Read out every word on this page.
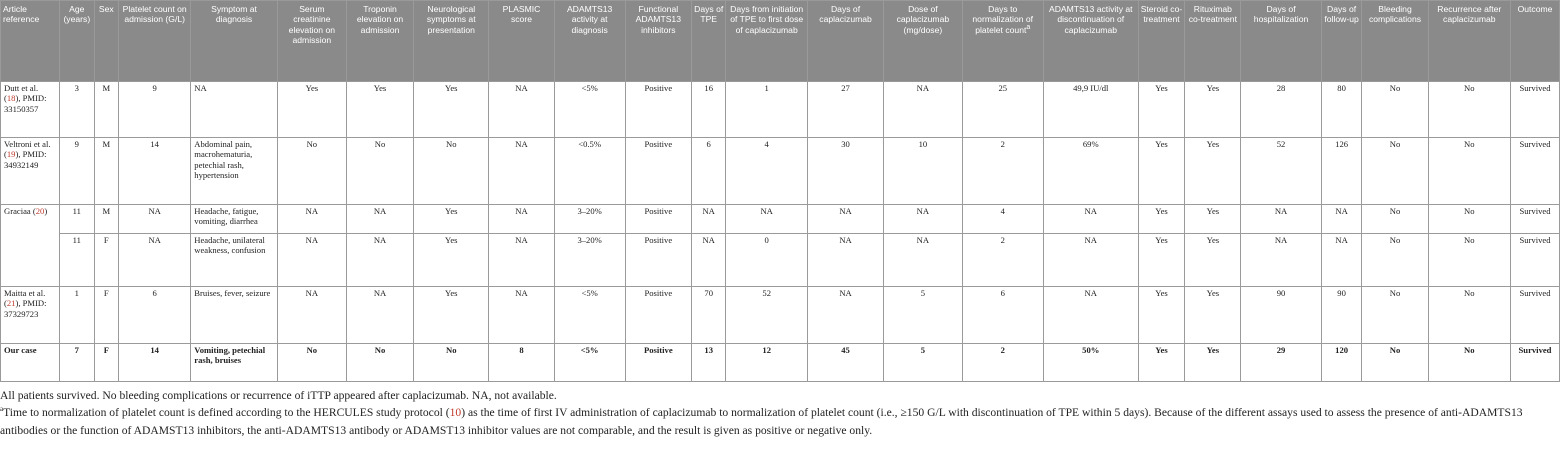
Article reference	Age (years)	Sex	Platelet count on admission (G/L)	Symptom at diagnosis	Serum creatinine elevation on admission	Troponin elevation on admission	Neurological symptoms at presentation	PLASMIC score	ADAMTS13 activity at diagnosis	Functional ADAMTS13 inhibitors	Days of TPE	Days from initiation of TPE to first dose of caplacizumab	Days of caplacizumab	Dose of caplacizumab (mg/dose)	Days to normalization of platelet count$^a$	ADAMTS13 activity at discontinuation of caplacizumab	Steroid co-treatment	Rituximab co-treatment	Days of hospitalization	Days of follow-up	Bleeding complications	Recurrence after caplacizumab	Outcome
Dutt et al. (18), PMID: 33150357	3	M	9	NA	Yes	Yes	Yes	NA	<5%	Positive	16	1	27	NA	25	49,9 IU/dl	Yes	Yes	28	80	No	No	Survived
Veltroni et al. (19), PMID: 34932149	9	M	14	Abdominal pain, macrohematuria, petechial rash, hypertension	No	No	No	NA	<0.5%	Positive	6	4	30	10	2	69%	Yes	Yes	52	126	No	No	Survived
Graciaa (20)	11	M	NA	Headache, fatigue, vomiting, diarrhea	NA	NA	Yes	NA	3–20%	Positive	NA	NA	NA	NA	4	NA	Yes	Yes	NA	NA	No	No	Survived
	11	F	NA	Headache, unilateral weakness, confusion	NA	NA	Yes	NA	3–20%	Positive	NA	0	NA	NA	2	NA	Yes	Yes	NA	NA	No	No	Survived
Maitta et al. (21), PMID: 37329723	1	F	6	Bruises, fever, seizure	NA	NA	Yes	NA	<5%	Positive	70	52	NA	5	6	NA	Yes	Yes	90	90	No	No	Survived
Our case	7	F	14	Vomiting, petechial rash, bruises	No	No	No	8	<5%	Positive	13	12	45	5	2	50%	Yes	Yes	29	120	No	No	Survived

All patients survived. No bleeding complications or recurrence of iTTP appeared after caplacizumab. NA, not available.

$^a$Time to normalization of platelet count is defined according to the HERCULES study protocol (10) as the time of first IV administration of caplacizumab to normalization of platelet count (i.e., ≥150 G/L with discontinuation of TPE within 5 days). Because of the different assays used to assess the presence of anti-ADAMTS13 antibodies or the function of ADAMST13 inhibitors, the anti-ADAMTS13 antibody or ADAMST13 inhibitor values are not comparable, and the result is given as positive or negative only.
